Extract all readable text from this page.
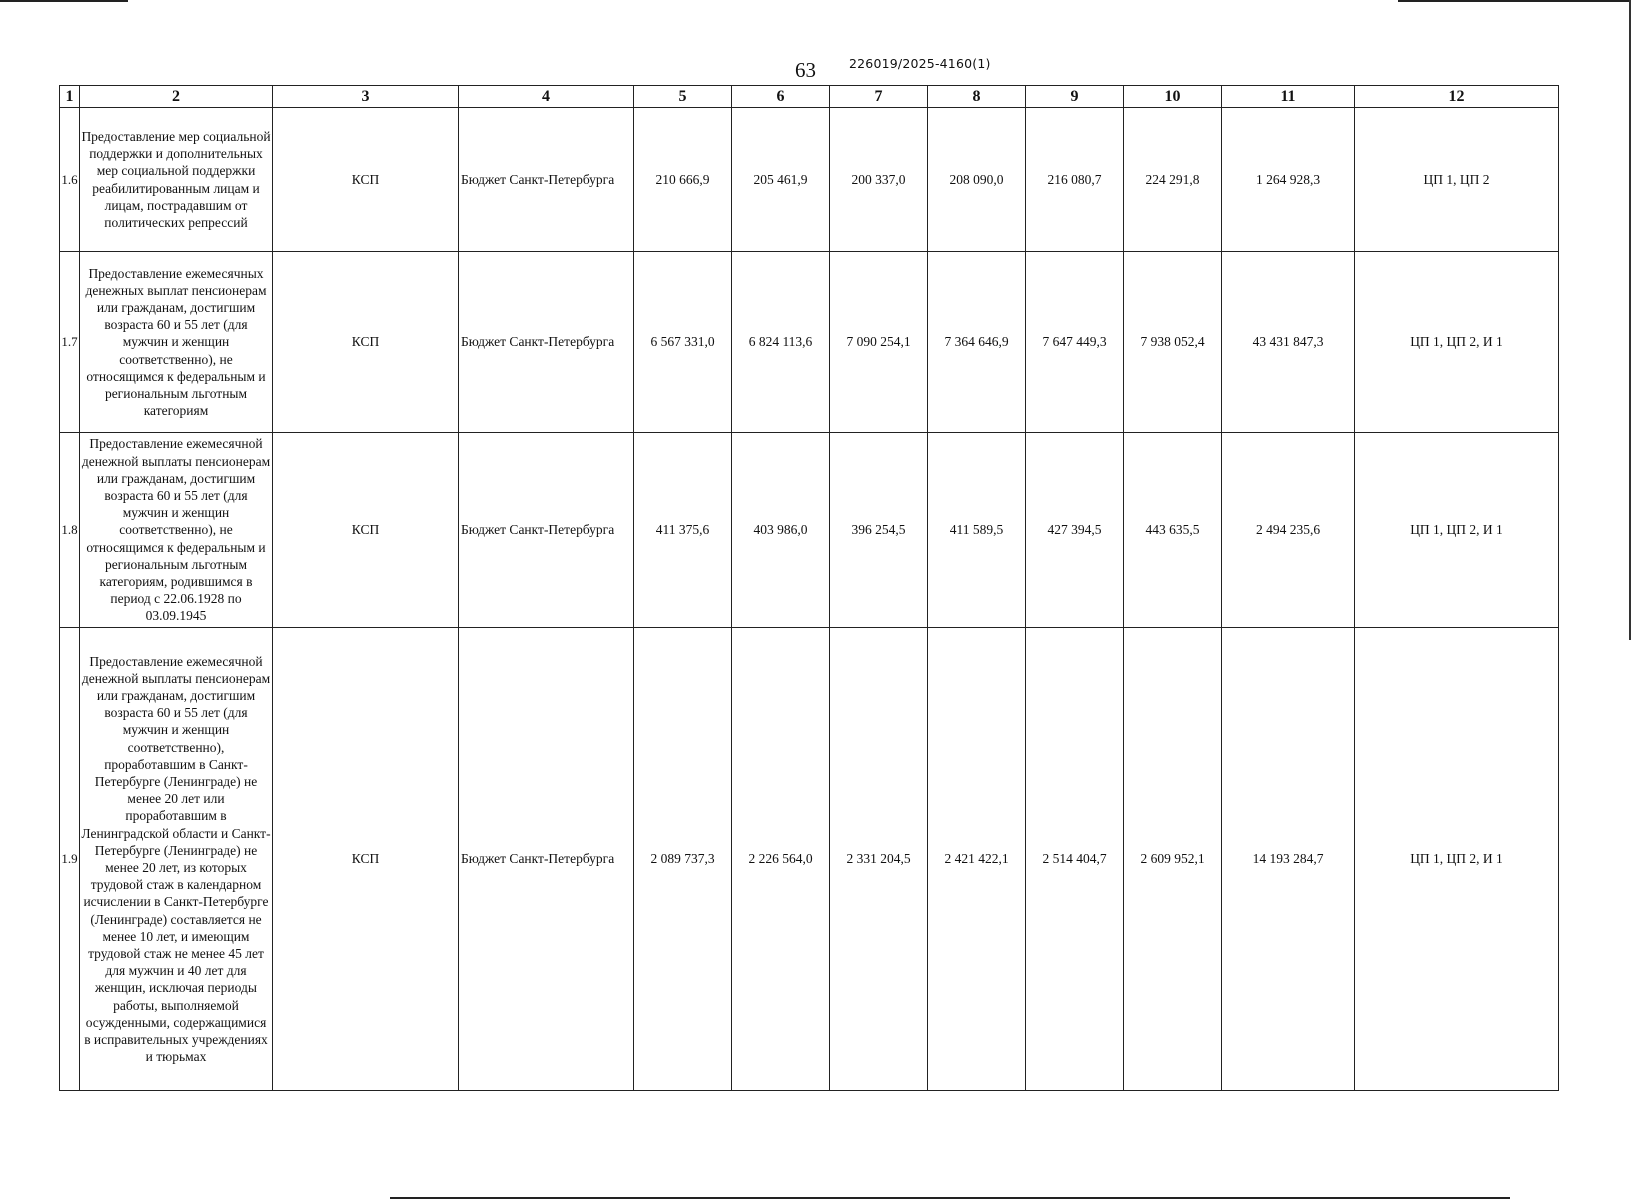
63	226019/2025-4160(1)
1	2	3	4	5	6	7	8	9	10	11	12
1.6	Предоставление мер социальной поддержки и дополнительных мер социальной поддержки реабилитированным лицам и лицам, пострадавшим от политических репрессий	КСП	Бюджет Санкт-Петербурга	210 666,9	205 461,9	200 337,0	208 090,0	216 080,7	224 291,8	1 264 928,3	ЦП 1, ЦП 2
1.7	Предоставление ежемесячных денежных выплат пенсионерам или гражданам, достигшим возраста 60 и 55 лет (для мужчин и женщин соответственно), не относящимся к федеральным и региональным льготным категориям	КСП	Бюджет Санкт-Петербурга	6 567 331,0	6 824 113,6	7 090 254,1	7 364 646,9	7 647 449,3	7 938 052,4	43 431 847,3	ЦП 1, ЦП 2, И 1
1.8	Предоставление ежемесячной денежной выплаты пенсионерам или гражданам, достигшим возраста 60 и 55 лет (для мужчин и женщин соответственно), не относящимся к федеральным и региональным льготным категориям, родившимся в период с 22.06.1928 по 03.09.1945	КСП	Бюджет Санкт-Петербурга	411 375,6	403 986,0	396 254,5	411 589,5	427 394,5	443 635,5	2 494 235,6	ЦП 1, ЦП 2, И 1
1.9	Предоставление ежемесячной денежной выплаты пенсионерам или гражданам, достигшим возраста 60 и 55 лет (для мужчин и женщин соответственно), проработавшим в Санкт-Петербурге (Ленинграде) не менее 20 лет или проработавшим в Ленинградской области и Санкт-Петербурге (Ленинграде) не менее 20 лет, из которых трудовой стаж в календарном исчислении в Санкт-Петербурге (Ленинграде) составляется не менее 10 лет, и имеющим трудовой стаж не менее 45 лет для мужчин и 40 лет для женщин, исключая периоды работы, выполняемой осужденными, содержащимися в исправительных учреждениях и тюрьмах	КСП	Бюджет Санкт-Петербурга	2 089 737,3	2 226 564,0	2 331 204,5	2 421 422,1	2 514 404,7	2 609 952,1	14 193 284,7	ЦП 1, ЦП 2, И 1
